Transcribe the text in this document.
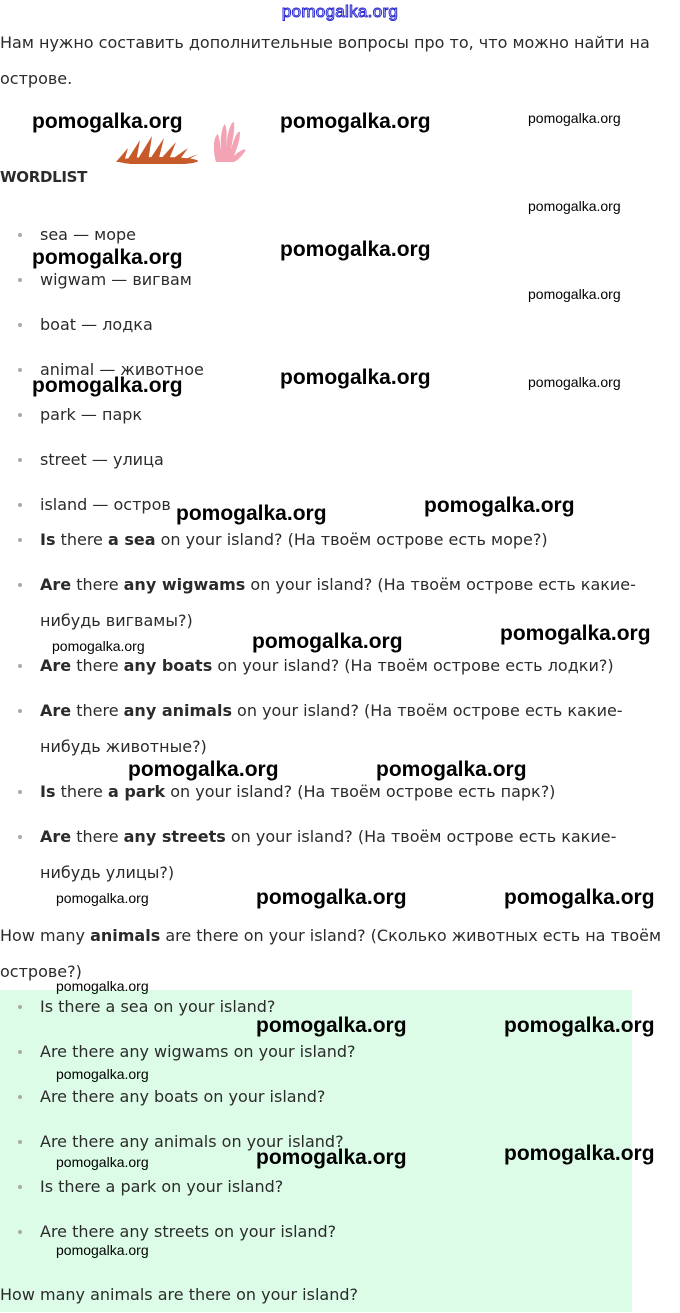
pomogalka.org

Нам нужно составить дополнительные вопросы про то, что можно найти на острове.

WORDLIST
sea — море
wigwam — вигвам
boat — лодка
animal — животное
park — парк
street — улица
island — остров
Is there a sea on your island? (На твоём острове есть море?)
Are there any wigwams on your island? (На твоём острове есть какие-нибудь вигвамы?)
Are there any boats on your island? (На твоём острове есть лодки?)
Are there any animals on your island? (На твоём острове есть какие-нибудь животные?)
Is there a park on your island? (На твоём острове есть парк?)
Are there any streets on your island? (На твоём острове есть какие-нибудь улицы?)

How many animals are there on your island? (Сколько животных есть на твоём острове?)

Is there a sea on your island?
Are there any wigwams on your island?
Are there any boats on your island?
Are there any animals on your island?
Is there a park on your island?
Are there any streets on your island?

How many animals are there on your island?

pomogalka.org	pomogalka.org	pomogalka.org
pomogalka.org
pomogalka.org
pomogalka.org
pomogalka.org
pomogalka.org
pomogalka.org	pomogalka.org
pomogalka.org
pomogalka.org
pomogalka.org
pomogalka.org
pomogalka.org
pomogalka.org	pomogalka.org
pomogalka.org	pomogalka.org
pomogalka.org
pomogalka.org
pomogalka.org	pomogalka.org
pomogalka.org
pomogalka.org
pomogalka.org
pomogalka.org
pomogalka.org
